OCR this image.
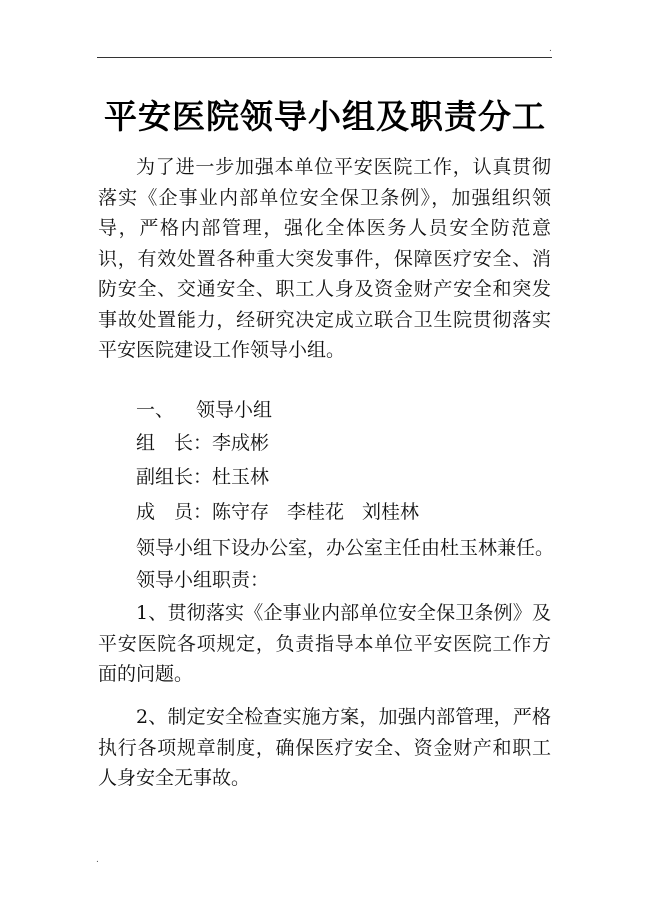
.
平安医院领导小组及职责分工

为了进一步加强本单位平安医院工作，认真贯彻落实《企事业内部单位安全保卫条例》，加强组织领导，严格内部管理，强化全体医务人员安全防范意识，有效处置各种重大突发事件，保障医疗安全、消防安全、交通安全、职工人身及资金财产安全和突发事故处置能力，经研究决定成立联合卫生院贯彻落实平安医院建设工作领导小组。

一、 领导小组
组　长：李成彬
副组长：杜玉林
成　员：陈守存 李桂花 刘桂林
领导小组下设办公室，办公室主任由杜玉林兼任。
领导小组职责：

1、贯彻落实《企事业内部单位安全保卫条例》及平安医院各项规定，负责指导本单位平安医院工作方面的问题。

2、制定安全检查实施方案，加强内部管理，严格执行各项规章制度，确保医疗安全、资金财产和职工人身安全无事故。

.
